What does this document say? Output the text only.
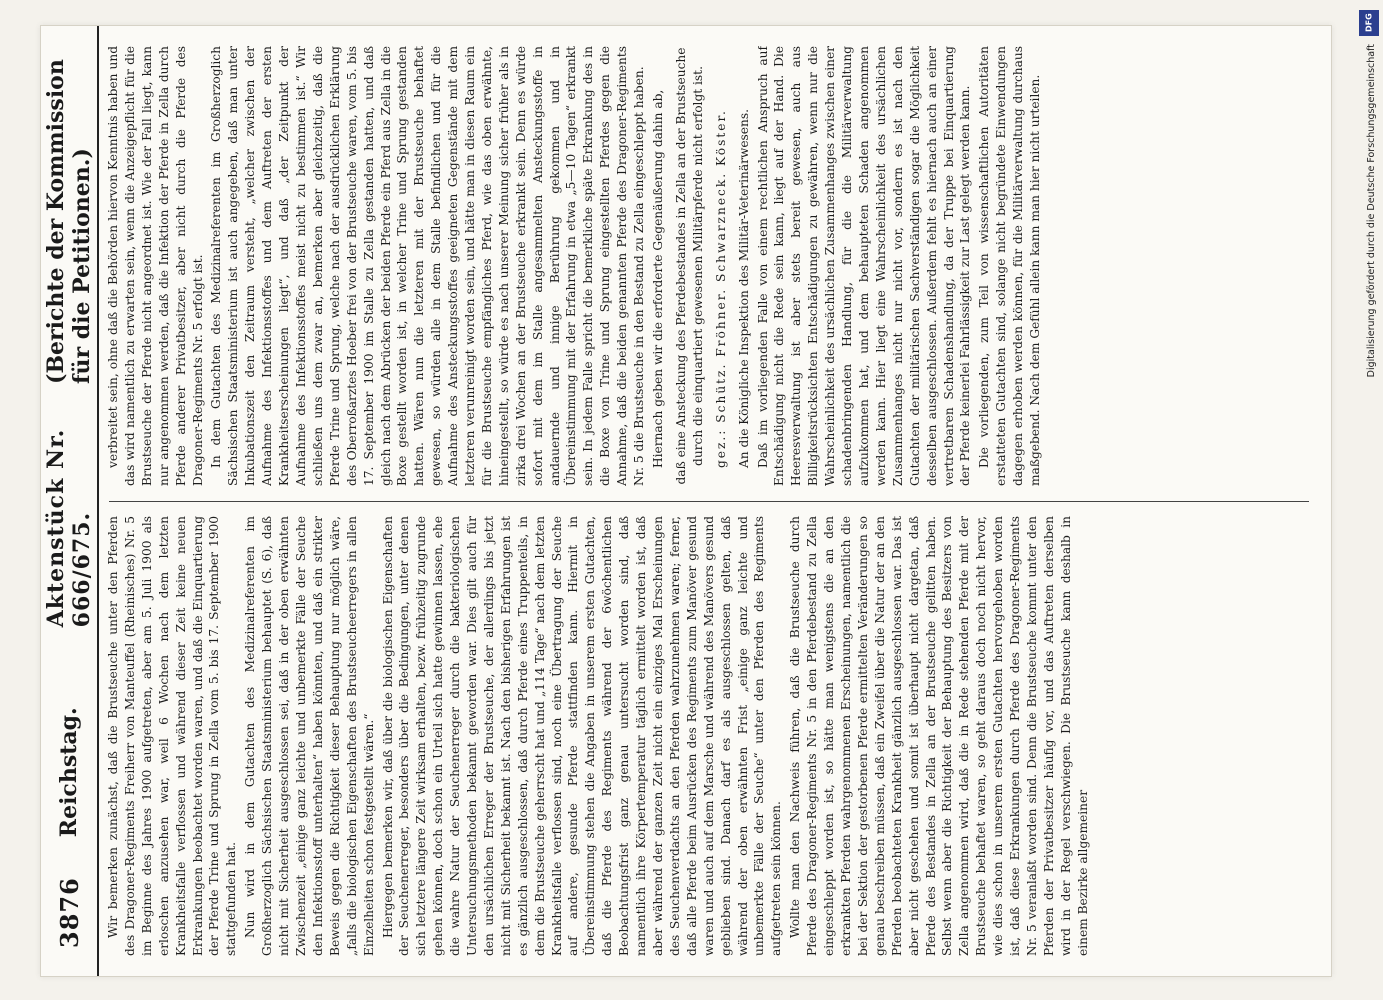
3876
Reichstag.
Aktenstück Nr. 666/675.
(Berichte der Kommission für die Petitionen.)

Wir bemerken zunächst, daß die Brustseuche unter den Pferden des Dragoner-Regiments Freiherr von Manteuffel (Rheinisches) Nr. 5 im Beginne des Jahres 1900 aufgetreten, aber am 5. Juli 1900 als erloschen anzusehen war, weil 6 Wochen nach dem letzten Krankheitsfalle verflossen und während dieser Zeit keine neuen Erkrankungen beobachtet worden waren, und daß die Einquartierung der Pferde Trine und Sprung in Zella vom 5. bis 17. September 1900 stattgefunden hat. Nun wird in dem Gutachten des Medizinalreferenten im Großherzoglich Sächsischen Staatsministerium behauptet (S. 6), daß nicht mit Sicherheit ausgeschlossen sei, daß in der oben erwähnten Zwischenzeit „einige ganz leichte und unbemerkte Fälle der Seuche den Infektionsstoff unterhalten“ haben könnten, und daß ein strikter Beweis gegen die Richtigkeit dieser Behauptung nur möglich wäre, „falls die biologischen Eigenschaften des Brustseucheerregers in allen Einzelheiten schon festgestellt wären.“ Hiergegen bemerken wir, daß über die biologischen Eigenschaften der Seuchenerreger, besonders über die Bedingungen, unter denen sich letztere längere Zeit wirksam erhalten, bezw. frühzeitig zugrunde gehen können, doch schon ein Urteil sich hatte gewinnen lassen, ehe die wahre Natur der Seuchenerreger durch die bakteriologischen Untersuchungsmethoden bekannt geworden war. Dies gilt auch für den ursächlichen Erreger der Brustseuche, der allerdings bis jetzt nicht mit Sicherheit bekannt ist. Nach den bisherigen Erfahrungen ist es gänzlich ausgeschlossen, daß durch Pferde eines Truppenteils, in dem die Brustseuche geherrscht hat und „114 Tage“ nach dem letzten Krankheitsfalle verflossen sind, noch eine Übertragung der Seuche auf andere, gesunde Pferde stattfinden kann. Hiermit in Übereinstimmung stehen die Angaben in unserem ersten Gutachten, daß die Pferde des Regiments während der 6wöchentlichen Beobachtungsfrist ganz genau untersucht worden sind, daß namentlich ihre Körpertemperatur täglich ermittelt worden ist, daß aber während der ganzen Zeit nicht ein einziges Mal Erscheinungen des Seuchenverdachts an den Pferden wahrzunehmen waren; ferner, daß alle Pferde beim Ausrücken des Regiments zum Manöver gesund waren und auch auf dem Marsche und während des Manövers gesund geblieben sind. Danach darf es als ausgeschlossen gelten, daß während der oben erwähnten Frist „einige ganz leichte und unbemerkte Fälle der Seuche“ unter den Pferden des Regiments aufgetreten sein können. Wollte man den Nachweis führen, daß die Brustseuche durch Pferde des Dragoner-Regiments Nr. 5 in den Pferdebestand zu Zella eingeschleppt worden ist, so hätte man wenigstens die an den erkrankten Pferden wahrgenommenen Erscheinungen, namentlich die bei der Sektion der gestorbenen Pferde ermittelten Veränderungen so genau beschreiben müssen, daß ein Zweifel über die Natur der an den Pferden beobachteten Krankheit gänzlich ausgeschlossen war. Das ist aber nicht geschehen und somit ist überhaupt nicht dargetan, daß Pferde des Bestandes in Zella an der Brustseuche gelitten haben. Selbst wenn aber die Richtigkeit der Behauptung des Besitzers von Zella angenommen wird, daß die in Rede stehenden Pferde mit der Brustseuche behaftet waren, so geht daraus doch noch nicht hervor, wie dies schon in unserem ersten Gutachten hervorgehoben worden ist, daß diese Erkrankungen durch Pferde des Dragoner-Regiments Nr. 5 veranlaßt worden sind. Denn die Brustseuche kommt unter den Pferden der Privatbesitzer häufig vor, und das Auftreten derselben wird in der Regel verschwiegen. Die Brustseuche kann deshalb in einem Bezirke allgemeiner

verbreitet sein, ohne daß die Behörden hiervon Kenntnis haben und das wird namentlich zu erwarten sein, wenn die Anzeigepflicht für die Brustseuche der Pferde nicht angeordnet ist. Wie der Fall liegt, kann nur angenommen werden, daß die Infektion der Pferde in Zella durch Pferde anderer Privatbesitzer, aber nicht durch die Pferde des Dragoner-Regiments Nr. 5 erfolgt ist. In dem Gutachten des Medizinalreferenten im Großherzoglich Sächsischen Staatsministerium ist auch angegeben, daß man unter Inkubationszeit den Zeitraum versteht, „welcher zwischen der Aufnahme des Infektionsstoffes und dem Auftreten der ersten Krankheitserscheinungen liegt“, und daß „der Zeitpunkt der Aufnahme des Infektionsstoffes meist nicht zu bestimmen ist.“ Wir schließen uns dem zwar an, bemerken aber gleichzeitig, daß die Pferde Trine und Sprung, welche nach der ausdrücklichen Erklärung des Oberroßarztes Hoeber frei von der Brustseuche waren, vom 5. bis 17. September 1900 im Stalle zu Zella gestanden hatten, und daß gleich nach dem Abrücken der beiden Pferde ein Pferd aus Zella in die Boxe gestellt worden ist, in welcher Trine und Sprung gestanden hatten. Wären nun die letzteren mit der Brustseuche behaftet gewesen, so würden alle in dem Stalle befindlichen und für die Aufnahme des Ansteckungsstoffes geeigneten Gegenstände mit dem letzteren verunreinigt worden sein, und hätte man in diesen Raum ein für die Brustseuche empfängliches Pferd, wie das oben erwähnte, hineingestellt, so würde es nach unserer Meinung sicher früher als in zirka drei Wochen an der Brustseuche erkrankt sein. Denn es würde sofort mit dem im Stalle angesammelten Ansteckungsstoffe in andauernde und innige Berührung gekommen und in Übereinstimmung mit der Erfahrung in etwa „5—10 Tagen“ erkrankt sein. In jedem Falle spricht die bemerkliche späte Erkrankung des in die Boxe von Trine und Sprung eingestellten Pferdes gegen die Annahme, daß die beiden genannten Pferde des Dragoner-Regiments Nr. 5 die Brustseuche in den Bestand zu Zella eingeschleppt haben. Hiernach geben wir die erforderte Gegenäußerung dahin ab, daß eine Ansteckung des Pferdebestandes in Zella an der Brustseuche durch die einquartiert gewesenen Militärpferde nicht erfolgt ist. gez.: Schütz. Fröhner. Schwarzneck. Köster. An die Königliche Inspektion des Militär-Veterinärwesens. Daß im vorliegenden Falle von einem rechtlichen Anspruch auf Entschädigung nicht die Rede sein kann, liegt auf der Hand. Die Heeresverwaltung ist aber stets bereit gewesen, auch aus Billigkeitsrücksichten Entschädigungen zu gewähren, wenn nur die Wahrscheinlichkeit des ursächlichen Zusammenhanges zwischen einer schadenbringenden Handlung, für die die Militärverwaltung aufzukommen hat, und dem behaupteten Schaden angenommen werden kann. Hier liegt eine Wahrscheinlichkeit des ursächlichen Zusammenhanges nicht nur nicht vor, sondern es ist nach den Gutachten der militärischen Sachverständigen sogar die Möglichkeit desselben ausgeschlossen. Außerdem fehlt es hiernach auch an einer vertretbaren Schadenshandlung, da der Truppe bei Einquartierung der Pferde keinerlei Fahrlässigkeit zur Last gelegt werden kann. Die vorliegenden, zum Teil von wissenschaftlichen Autoritäten erstatteten Gutachten sind, solange nicht begründete Einwendungen dagegen erhoben werden können, für die Militärverwaltung durchaus maßgebend. Nach dem Gefühl allein kann man hier nicht urteilen.

DFG
Digitalisierung gefördert durch die Deutsche Forschungsgemeinschaft
